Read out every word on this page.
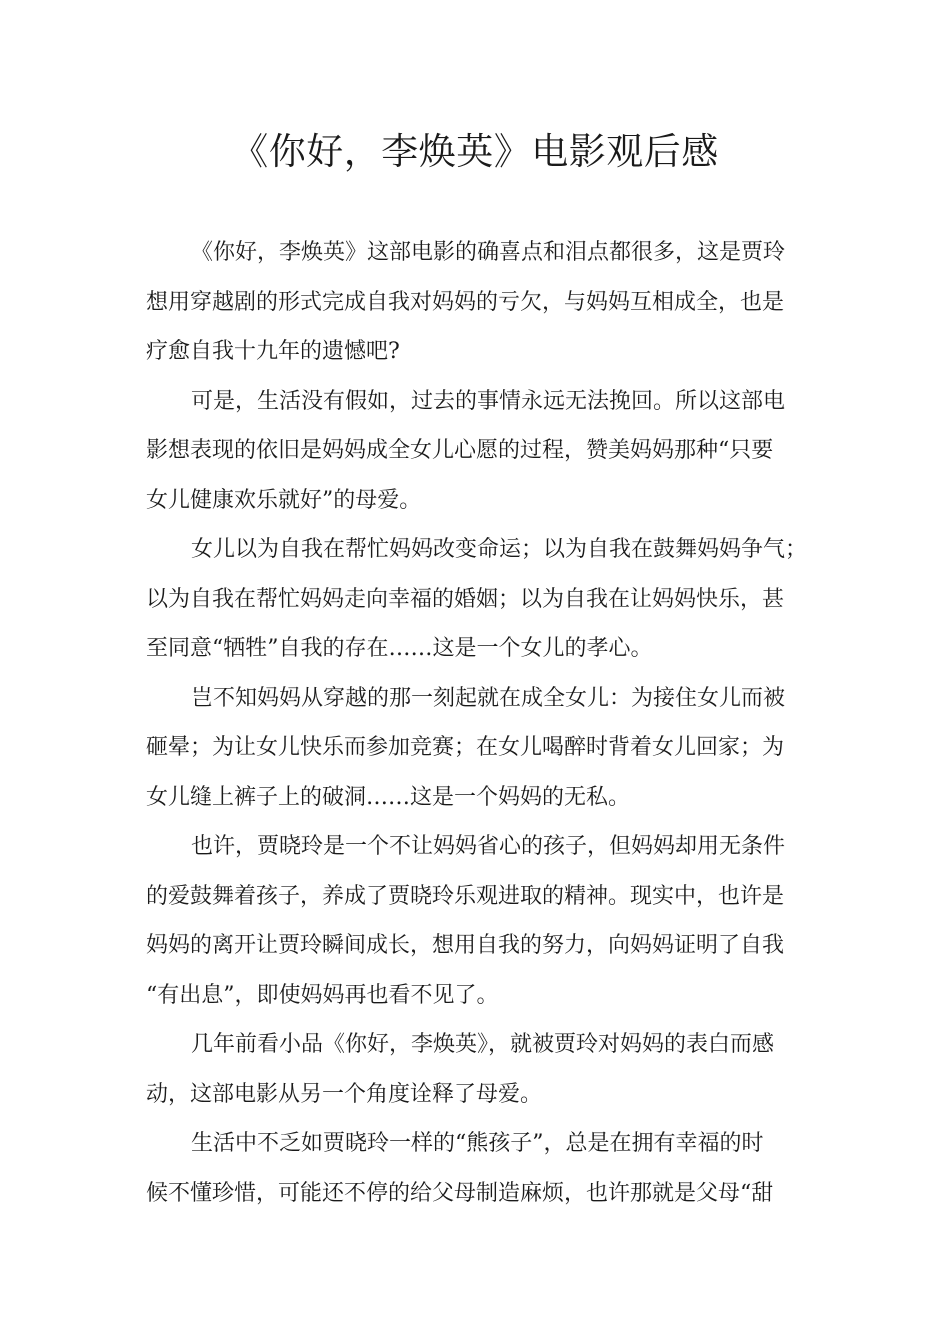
《你好，李焕英》电影观后感
《你好，李焕英》这部电影的确喜点和泪点都很多，这是贾玲
想用穿越剧的形式完成自我对妈妈的亏欠，与妈妈互相成全，也是
疗愈自我十九年的遗憾吧?
可是，生活没有假如，过去的事情永远无法挽回。所以这部电
影想表现的依旧是妈妈成全女儿心愿的过程，赞美妈妈那种“只要
女儿健康欢乐就好”的母爱。
女儿以为自我在帮忙妈妈改变命运；以为自我在鼓舞妈妈争气；
以为自我在帮忙妈妈走向幸福的婚姻；以为自我在让妈妈快乐，甚
至同意“牺牲”自我的存在……这是一个女儿的孝心。
岂不知妈妈从穿越的那一刻起就在成全女儿：为接住女儿而被
砸晕；为让女儿快乐而参加竞赛；在女儿喝醉时背着女儿回家；为
女儿缝上裤子上的破洞……这是一个妈妈的无私。
也许，贾晓玲是一个不让妈妈省心的孩子，但妈妈却用无条件
的爱鼓舞着孩子，养成了贾晓玲乐观进取的精神。现实中，也许是
妈妈的离开让贾玲瞬间成长，想用自我的努力，向妈妈证明了自我
“有出息”，即使妈妈再也看不见了。
几年前看小品《你好，李焕英》，就被贾玲对妈妈的表白而感
动，这部电影从另一个角度诠释了母爱。
生活中不乏如贾晓玲一样的“熊孩子”，总是在拥有幸福的时
候不懂珍惜，可能还不停的给父母制造麻烦，也许那就是父母“甜
